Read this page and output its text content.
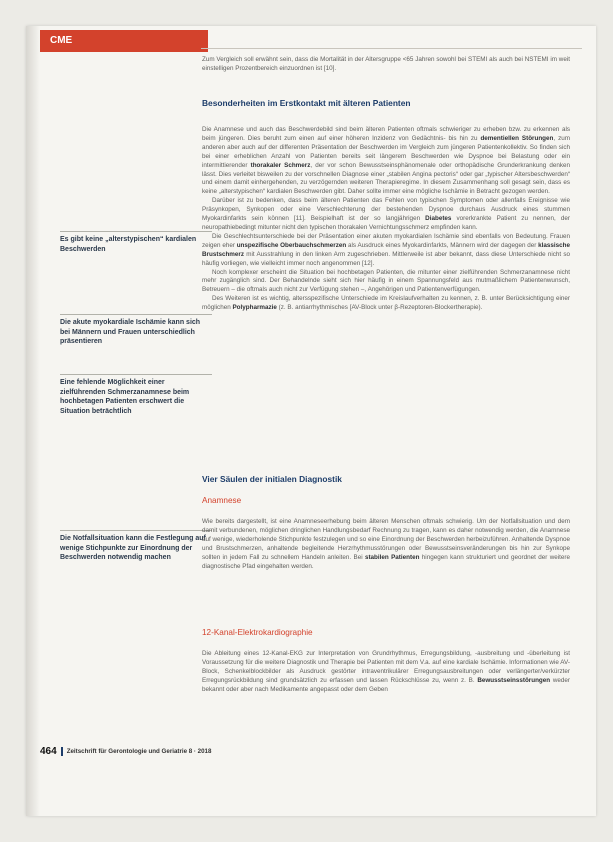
CME
Es gibt keine „alterstypischen“ kardialen Beschwerden
Die akute myokardiale Ischämie kann sich bei Männern und Frauen unterschiedlich präsentieren
Eine fehlende Möglichkeit einer zielführenden Schmerzanamnese beim hochbetagen Patienten erschwert die Situation beträchtlich
Die Notfallsituation kann die Festlegung auf wenige Stichpunkte zur Einordnung der Beschwerden notwendig machen

Zum Vergleich soll erwähnt sein, dass die Mortalität in der Altersgruppe <65 Jahren sowohl bei STEMI als auch bei NSTEMI im weit einstelligen Prozentbereich einzuordnen ist [10].

Besonderheiten im Erstkontakt mit älteren Patienten

Die Anamnese und auch das Beschwerdebild sind beim älteren Patienten oftmals schwieriger zu erheben bzw. zu erkennen als beim jüngeren. Dies beruht zum einen auf einer höheren Inzidenz von Gedächtnis- bis hin zu dementiellen Störungen, zum anderen aber auch auf der differenten Präsentation der Beschwerden im Vergleich zum jüngeren Patientenkollektiv. So finden sich bei einer erheblichen Anzahl von Patienten bereits seit längerem Beschwerden wie Dyspnoe bei Belastung oder ein intermittierender thorakaler Schmerz, der vor schon Bewusstseinsphänomenale oder orthopädische Grunderkrankung denken lässt. Dies verleitet bisweilen zu der vorschnellen Diagnose einer „stabilen Angina pectoris“ oder gar „typischer Altersbeschwerden“ und einem damit einhergehenden, zu verzögernden weiteren Therapieregime. In diesem Zusammenhang soll gesagt sein, dass es keine „alterstypischen“ kardialen Beschwerden gibt. Daher sollte immer eine mögliche Ischämie in Betracht gezogen werden.

Darüber ist zu bedenken, dass beim älteren Patienten das Fehlen von typischen Symptomen oder allenfalls Ereignisse wie Präsynkopen, Synkopen oder eine Verschlechterung der bestehenden Dyspnoe durchaus Ausdruck eines stummen Myokardinfarkts sein können [11]. Beispielhaft ist der so langjährigen Diabetes vorerkrankte Patient zu nennen, der neuropathiebedingt mitunter nicht den typischen thorakalen Vernichtungsschmerz empfinden kann.

Die Geschlechtsunterschiede bei der Präsentation einer akuten myokardialen Ischämie sind ebenfalls von Bedeutung. Frauen zeigen eher unspezifische Oberbauchschmerzen als Ausdruck eines Myokardinfarkts, Männern wird der dagegen der klassische Brustschmerz mit Ausstrahlung in den linken Arm zugeschrieben. Mittlerweile ist aber bekannt, dass diese Unterschiede nicht so häufig vorliegen, wie vielleicht immer noch angenommen [12].

Noch komplexer erscheint die Situation bei hochbetagen Patienten, die mitunter einer zielführenden Schmerzanamnese nicht mehr zugänglich sind. Der Behandelnde sieht sich hier häufig in einem Spannungsfeld aus mutmaßlichem Patientenwunsch, Betreuern – die oftmals auch nicht zur Verfügung stehen –, Angehörigen und Patientenverfügungen.

Des Weiteren ist es wichtig, altersspezifische Unterschiede im Kreislaufverhalten zu kennen, z. B. unter Berücksichtigung einer möglichen Polypharmazie (z. B. antiarrhythmisches [AV-Block unter β-Rezeptoren-Blockertherapie).

Vier Säulen der initialen Diagnostik
Anamnese

Wie bereits dargestellt, ist eine Anamneseerhebung beim älteren Menschen oftmals schwierig. Um der Notfallsituation und dem damit verbundenen, möglichen dringlichen Handlungsbedarf Rechnung zu tragen, kann es daher notwendig werden, die Anamnese auf wenige, wiederholende Stichpunkte festzulegen und so eine Einordnung der Beschwerden herbeizuführen. Anhaltende Dyspnoe und Brustschmerzen, anhaltende begleitende Herzrhythmusstörungen oder Bewusstseinsveränderungen bis hin zur Synkope sollten in jedem Fall zu schnellem Handeln anleiten. Bei stabilen Patienten hingegen kann strukturiert und geordnet der weitere diagnostische Pfad eingehalten werden.

12-Kanal-Elektrokardiographie

Die Ableitung eines 12-Kanal-EKG zur Interpretation von Grundrhythmus, Erregungsbildung, -ausbreitung und -überleitung ist Voraussetzung für die weitere Diagnostik und Therapie bei Patienten mit dem V.a. auf eine kardiale Ischämie. Informationen wie AV-Block, Schenkelblockbilder als Ausdruck gestörter intraventrikulärer Erregungsausbreitungen oder verlängerter/verkürzter Erregungsrückbildung sind grundsätzlich zu erfassen und lassen Rückschlüsse zu, wenn z. B. Bewusstseinsstörungen weder bekannt oder aber nach Medikamente angepasst oder dem Geben

464 Zeitschrift für Gerontologie und Geriatrie 8 · 2018
